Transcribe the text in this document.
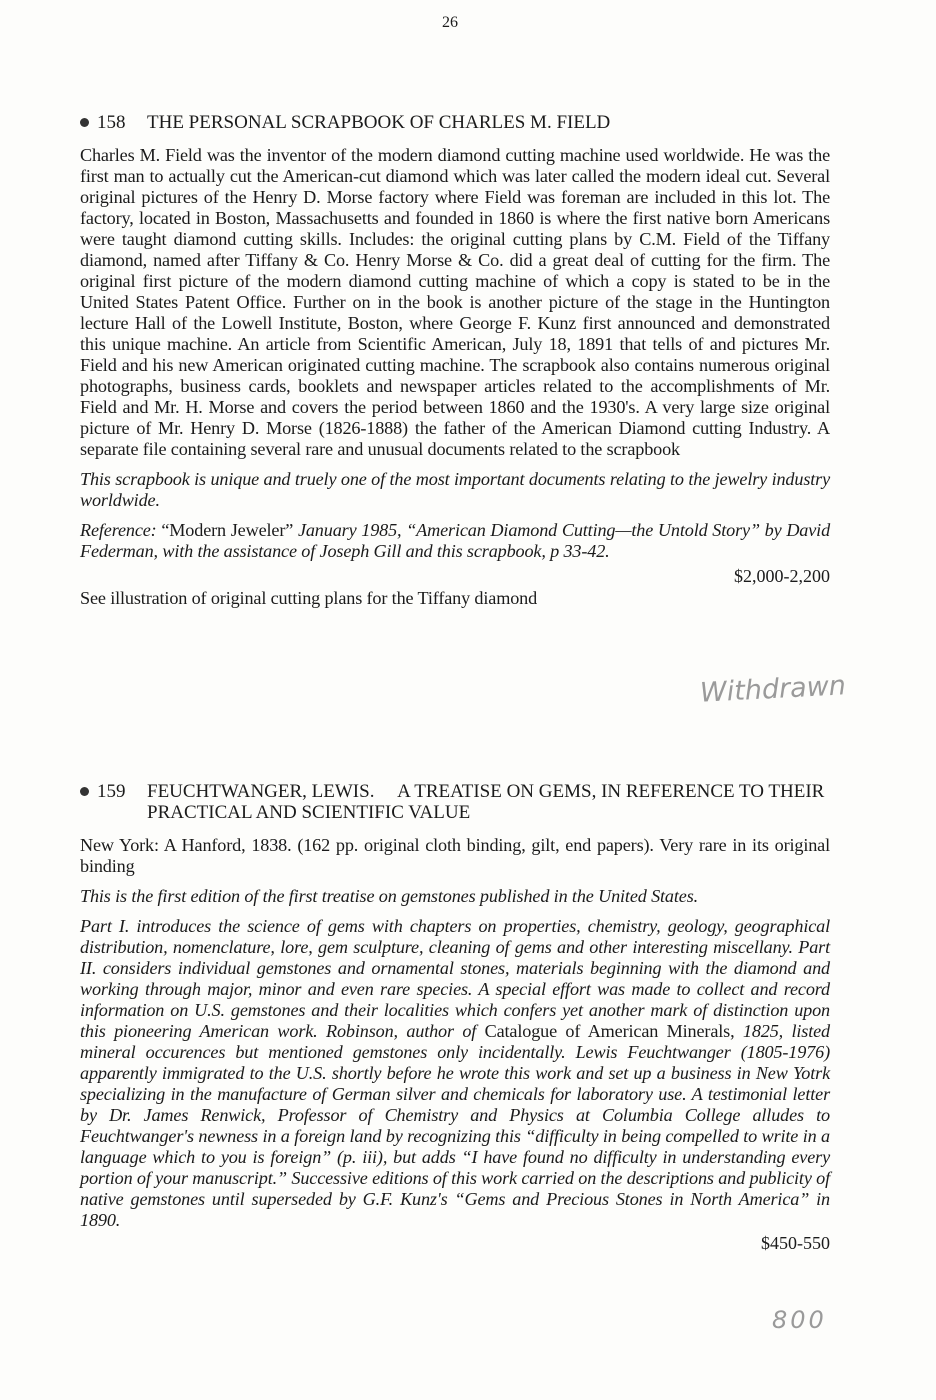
26
158	THE PERSONAL SCRAPBOOK OF CHARLES M. FIELD

Charles M. Field was the inventor of the modern diamond cutting machine used worldwide. He was the first man to actually cut the American-cut diamond which was later called the modern ideal cut. Several original pictures of the Henry D. Morse factory where Field was foreman are included in this lot. The factory, located in Boston, Massachusetts and founded in 1860 is where the first native born Americans were taught diamond cutting skills. Includes: the original cutting plans by C.M. Field of the Tiffany diamond, named after Tiffany & Co. Henry Morse & Co. did a great deal of cutting for the firm. The original first picture of the modern diamond cutting machine of which a copy is stated to be in the United States Patent Office. Further on in the book is another picture of the stage in the Huntington lecture Hall of the Lowell Institute, Boston, where George F. Kunz first announced and demonstrated this unique machine. An article from Scientific American, July 18, 1891 that tells of and pictures Mr. Field and his new American originated cutting machine. The scrapbook also contains numerous original photographs, business cards, booklets and newspaper articles related to the accomplishments of Mr. Field and Mr. H. Morse and covers the period between 1860 and the 1930's. A very large size original picture of Mr. Henry D. Morse (1826-1888) the father of the American Diamond cutting Industry. A separate file containing several rare and unusual documents related to the scrapbook

This scrapbook is unique and truely one of the most important documents relating to the jewelry industry worldwide.

Reference: “Modern Jeweler” January 1985, “American Diamond Cutting—the Untold Story” by David Federman, with the assistance of Joseph Gill and this scrapbook, p 33-42.

$2,000-2,200
See illustration of original cutting plans for the Tiffany diamond
Withdrawn
159	FEUCHTWANGER, LEWIS.  A TREATISE ON GEMS, IN REFERENCE TO THEIR PRACTICAL AND SCIENTIFIC VALUE

New York: A Hanford, 1838. (162 pp. original cloth binding, gilt, end papers). Very rare in its original binding

This is the first edition of the first treatise on gemstones published in the United States.

Part I. introduces the science of gems with chapters on properties, chemistry, geology, geographical distribution, nomenclature, lore, gem sculpture, cleaning of gems and other interesting miscellany. Part II. considers individual gemstones and ornamental stones, materials beginning with the diamond and working through major, minor and even rare species. A special effort was made to collect and record information on U.S. gemstones and their localities which confers yet another mark of distinction upon this pioneering American work. Robinson, author of Catalogue of American Minerals, 1825, listed mineral occurences but mentioned gemstones only incidentally. Lewis Feuchtwanger (1805-1976) apparently immigrated to the U.S. shortly before he wrote this work and set up a business in New Yotrk specializing in the manufacture of German silver and chemicals for laboratory use. A testimonial letter by Dr. James Renwick, Professor of Chemistry and Physics at Columbia College alludes to Feuchtwanger's newness in a foreign land by recognizing this “difficulty in being compelled to write in a language which to you is foreign” (p. iii), but adds “I have found no difficulty in understanding every portion of your manuscript.” Successive editions of this work carried on the descriptions and publicity of native gemstones until superseded by G.F. Kunz's “Gems and Precious Stones in North America” in 1890.

$450-550
800
